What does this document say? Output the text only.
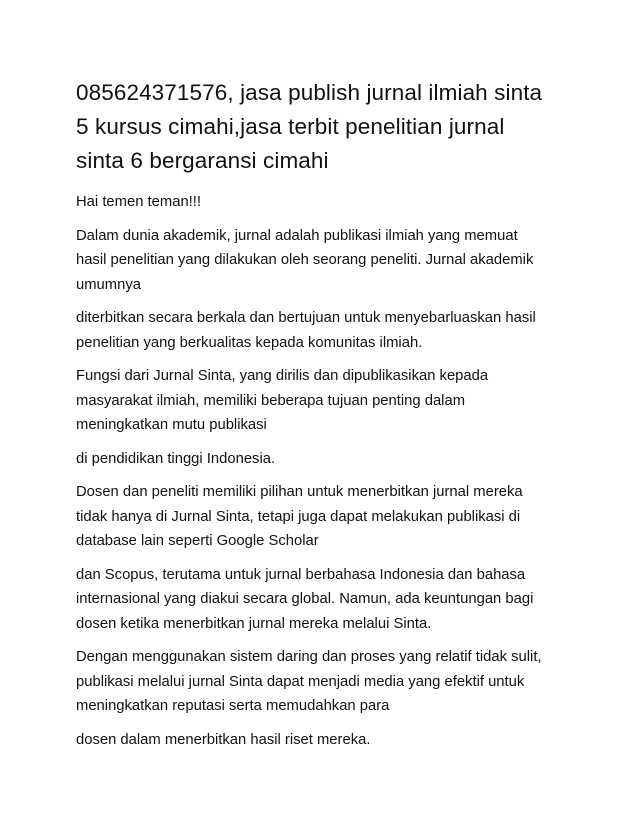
085624371576, jasa publish jurnal ilmiah sinta
5 kursus cimahi,jasa terbit penelitian jurnal
sinta 6 bergaransi cimahi

Hai temen teman!!!

Dalam dunia akademik, jurnal adalah publikasi ilmiah yang memuat
hasil penelitian yang dilakukan oleh seorang peneliti. Jurnal akademik
umumnya

diterbitkan secara berkala dan bertujuan untuk menyebarluaskan hasil
penelitian yang berkualitas kepada komunitas ilmiah.

Fungsi dari Jurnal Sinta, yang dirilis dan dipublikasikan kepada
masyarakat ilmiah, memiliki beberapa tujuan penting dalam
meningkatkan mutu publikasi

di pendidikan tinggi Indonesia.

Dosen dan peneliti memiliki pilihan untuk menerbitkan jurnal mereka
tidak hanya di Jurnal Sinta, tetapi juga dapat melakukan publikasi di
database lain seperti Google Scholar

dan Scopus, terutama untuk jurnal berbahasa Indonesia dan bahasa
internasional yang diakui secara global. Namun, ada keuntungan bagi
dosen ketika menerbitkan jurnal mereka melalui Sinta.

Dengan menggunakan sistem daring dan proses yang relatif tidak sulit,
publikasi melalui jurnal Sinta dapat menjadi media yang efektif untuk
meningkatkan reputasi serta memudahkan para

dosen dalam menerbitkan hasil riset mereka.
